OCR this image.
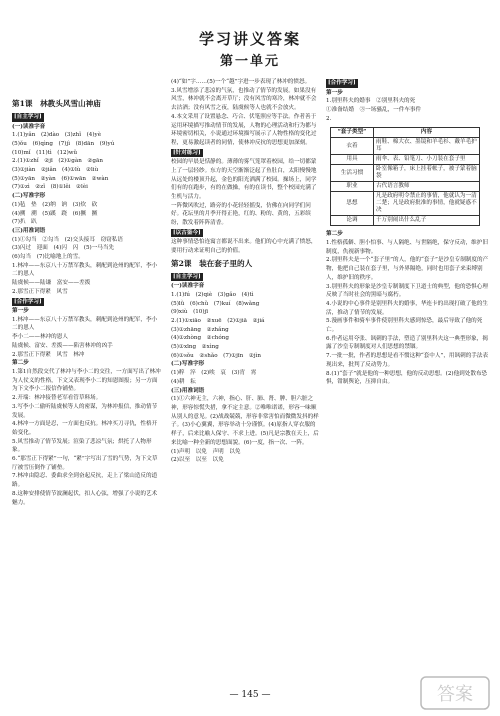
学习讲义答案
第一单元
第1课　林教头风雪山神庙
[自主学习]
(一)读准字音
1.(1)yǎn　(2)dào　(3)zhǐ　(4)yè
(5)ǒu　(6)qìng　(7)jì　(8)dān　(9)yú
(10)mǐ　(11)tì　(12)wǔ
2.(1)①zhǐ　②jī　(2)①gàn　②gān
(3)①jiàn　②jiǎn　(4)①lù　②liù
(5)①yān　②yàn　(6)①wān　②wàn
(7)①zì　②zǐ　(8)①lěi　②lèi
(二)写准字形
(1)毡　垫　(2)纳　讷　(3)炊　砍
(4)搠　溯　(5)蹊　跷　(6)撅　撅
(7)扒　趴
(三)用准词语
(1)①勾当　②勾当　(2)交头接耳　窃窃私语
(3)闪过　迎面　(4)闪　闪　(5)一马当先
(6)勾当　(7)比喻地上的雪。
1.林冲——东京八十万禁军教头，刺配到沧州的配军，李小二的恩人
陆虞候——陆谦　富安——差拨
2.那雪正下得紧　风雪
[合作学习]
第一步
1.林冲——东京八十万禁军教头，刺配到沧州的配军，李小二的恩人
李小二——林冲的恩人
陆虞候、富安、差拨——陷害林冲的凶手
2.那雪正下得紧　风雪　林冲
第二步
1.第1自然段交代了林冲与李小二的交往，一方面写出了林冲为人仗义的性格，下文又表现李小二的知恩图报；另一方面为下文李小二报信作铺垫。
2.开端：林冲接替老军看管草料场。
3.写李小二偷听陆虞候等人的密谋，为林冲报信，推动情节发展。
4.林冲一方面是忍，一方面也反抗。林冲买刀寻仇，性格开始变化。
5.风雪推动了情节发展；渲染了悲凉气氛；烘托了人物形象。
6.“那雪正下得紧”一句，“紧”字写出了雪的气势，为下文草厅被雪压倒作了铺垫。
7.林冲由隐忍、委曲求全到奋起反抗，走上了梁山造反的道路。
8.这种安排使情节波澜起伏，扣人心弦，增强了小说的艺术魅力。
(4)“如”字……(5)一个“越”字进一步表现了林冲的愤怒。
3.风雪增添了悲凉的气氛，也推动了情节的发展。如果没有风雪，林冲就不会离开草厅；没有风雪的寒冷，林冲就不会去沽酒；没有风雪之夜，陆虞候等人也就不会放火。
4.本文采用了设置悬念、巧合、伏笔照应等手法。作者善于运用环境描写推动情节的发展，人物的心理活动和行为都与环境密切相关，小说通过环境描写展示了人物性格的变化过程，更易激起读者的同情，使林冲反抗的思想更加深刻。
[针对练习]
校园的早晨是恬静的。薄薄的雾气笼罩着校园，给一切都蒙上了一层轻纱。东方的天空渐渐泛起了鱼肚白，太阳慢慢地从远处的楼顶升起，金色的阳光洒满了校园。操场上，同学们有的在跑步，有的在做操，有的在读书，整个校园充满了生机与活力。
一阵微风吹过，路旁的小花轻轻摇曳，仿佛在向同学们问好。花坛里的月季开得正艳，红的、粉的、黄的，五彩缤纷，散发着阵阵清香。
[以古鉴今]
这种事情恐怕连寓言都说不出来。他们的心中充满了愤怒，要用行动来证明自己的价值。
第2课　装在套子里的人
[自主学习]
(一)读准字音
1.(1)fú　(2)qiè　(3)gǎo　(4)tì
(5)lǜ　(6)chǔ　(7)kuí　(8)wǎng
(9)xiù　(10)jī
2.(1)①xiāo　②xuē　(2)①jiā　②jiá
(3)①zhāng　②zhǎng
(4)①zhòng　②chóng
(5)①xīng　②xìng
(6)①sǒu　②shǎo　(7)①jīn　②jìn
(二)写准字形
(1)粹　淬　(2)唉　哀　(3)宵　霄
(4)耕　耘
(三)用准词语
(1)①六神无主，六神，指心、肝、肺、肾、脾、胆六脏之神，形容惊慌失措，拿不定主意。②唯唯诺诺，形容一味顺从别人的意见。(2)战战兢兢，形容非常害怕而微微发抖的样子。(3)小心翼翼，形容举动十分谨慎。(4)原指人穿衣服的样子，后来比喻人保守、不求上进。(5)凡是宗教在天上，后来比喻一种全新的思想面貌。(6)一度，指一次、一阵。
(1)声明　以免　声明　以免
(2)以至　以至　以免
[合作学习]
第一步
1.别里科夫的婚事　②别里科夫的死
①准备结婚　③一场骚乱，一件车事件
2.
“套子类型”	内容
衣着	雨鞋、棉大衣、墨镜和羊毛衫、戴羊毛护耳
用具	雨伞、表、铅笔刀、小刀装在套子里
生活习惯	卧室像箱子，床上挂着帐子，被子蒙着脑袋
职业	古代语言教师
思想	凡是政府明令禁止的事情，他就认为一清二楚；凡是政府批准的事情，他就疑惑不决
论调	千万别闹出什么乱子
第二步
1.性格孤僻、胆小怕事、与人隔绝、与世隔绝，保守反动，维护旧制度，仇视新事物。
2.别里科夫是一个“套子里”的人，他的“套子”是沙皇专制制度的产物，他把自己装在套子里，与外界隔绝，同时也用套子来束缚别人，维护旧的秩序。
3.别里科夫的形象是沙皇专制制度下卫道士的典型，他的恐惧心理反映了当时社会的黑暗与腐朽。
4.小说的中心事件是别里科夫的婚事，华连卡的出现打破了他的生活，推动了情节的发展。
5.漫画事件和骑车事件使别里科夫感到惊恐，最后导致了他的死亡。
6.作者运用夸张、讽刺的手法，塑造了别里科夫这一典型形象，揭露了沙皇专制制度对人们思想的禁锢。
7.一批一批，作者的思想是看不惯这种“套中人”，用讽刺的手法表现出来，批判了反动势力。
8.(1)“套子”就是他的一种思想，他的反动思想。(2)他到处散布恐惧，钳制舆论，压抑自由。
— 145 —	答案
